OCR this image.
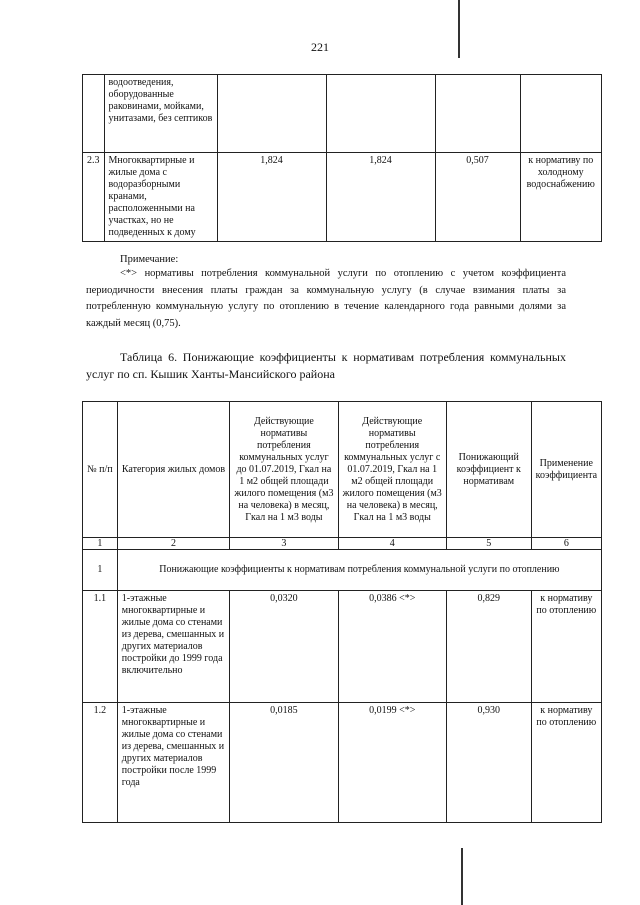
221
	водоотведения, оборудованные раковинами, мойками, унитазами, без септиков				
2.3	Многоквартирные и жилые дома с водоразборными кранами, расположенными на участках, но не подведенных к дому	1,824	1,824	0,507	к нормативу по холодному водоснабжению
Примечание:
<*> нормативы потребления коммунальной услуги по отоплению с учетом коэффициента периодичности внесения платы граждан за коммунальную услугу (в случае взимания платы за потребленную коммунальную услугу по отоплению в течение календарного года равными долями за каждый месяц (0,75).
Таблица 6. Понижающие коэффициенты к нормативам потребления коммунальных услуг по сп. Кышик Ханты-Мансийского района
№ п/п	Категория жилых домов	Действующие нормативы потребления коммунальных услуг до 01.07.2019, Гкал на 1 м2 общей площади жилого помещения (м3 на человека) в месяц, Гкал на 1 м3 воды	Действующие нормативы потребления коммунальных услуг с 01.07.2019, Гкал на 1 м2 общей площади жилого помещения (м3 на человека) в месяц, Гкал на 1 м3 воды	Понижающий коэффициент к нормативам	Применение коэффициента
1	2	3	4	5	6
1	Понижающие коэффициенты к нормативам потребления коммунальной услуги по отоплению				
1.1	1-этажные многоквартирные и жилые дома со стенами из дерева, смешанных и других материалов постройки до 1999 года включительно	0,0320	0,0386 <*>	0,829	к нормативу по отоплению
1.2	1-этажные многоквартирные и жилые дома со стенами из дерева, смешанных и других материалов постройки после 1999 года	0,0185	0,0199 <*>	0,930	к нормативу по отоплению
